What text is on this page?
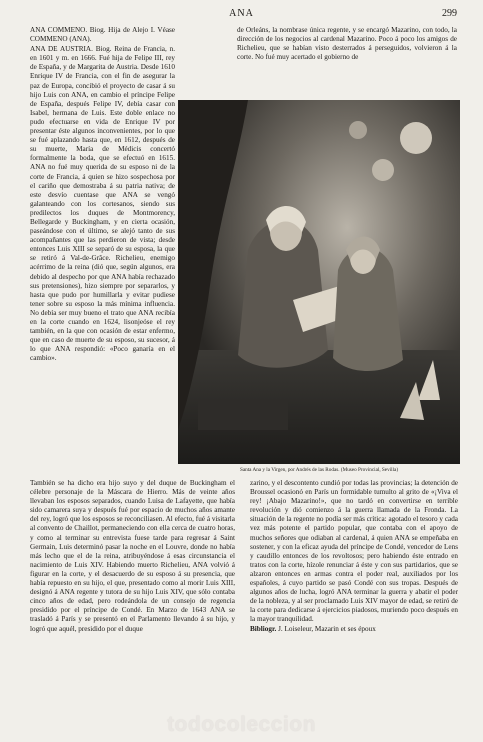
ANA	299

ANA COMMENO. Biog. Hija de Alejo I. Véase COMMENO (ANA).

ANA DE AUSTRIA. Biog. Reina de Francia, n. en 1601 y m. en 1666. Fué hija de Felipe III, rey de España, y de Margarita de Austria. Desde 1610 Enrique IV de Francia, con el fin de asegurar la paz de Europa, concibió el proyecto de casar á su hijo Luis con ANA, en cambio el príncipe Felipe de España, después Felipe IV, debía casar con Isabel, hermana de Luis. Este doble enlace no pudo efectuarse en vida de Enrique IV por presentar éste algunos inconvenientes, por lo que se fué aplazando hasta que, en 1612, después de su muerte, María de Médicis concertó formalmente la boda, que se efectuó en 1615. ANA no fué muy querida de su esposo ni de la corte de Francia, á quien se hizo sospechosa por el cariño que demostraba á su patria nativa; de este desvío cuentase que ANA se vengó galanteando con los cortesanos, siendo sus predilectos los duques de Montmorency, Bellegarde y Buckingham, y en cierta ocasión, paseándose con el último, se alejó tanto de sus acompañantes que las perdieron de vista; desde entonces Luis XIII se separó de su esposa, la que se retiró á Val-de-Grâce. Richelieu, enemigo acérrimo de la reina (dió que, según algunos, era debido al despecho por que ANA había rechazado sus pretensiones), hizo siempre por separarlos, y hasta que pudo por humillarla y evitar pudiese tener sobre su esposo la más mínima influencia. No debía ser muy bueno el trato que ANA recibía en la corte cuando en 1624, lisonjeóse el rey también, en la que con ocasión de estar enfermo, que en caso de muerte de su esposo, su sucesor, á lo que ANA respondió: «Poco ganaría en el cambio».

de Orleáns, la nombrase única regente, y se encargó Mazarino, con todo, la dirección de los negocios al cardenal Mazarino. Poco á poco los amigos de Richelieu, que se habían visto desterrados á perseguidos, volvieron á la corte. No fué muy acertado el gobierno de

Santa Ana y la Virgen, por Andrés de las Rodas. (Museo Provincial, Sevilla)

También se ha dicho era hijo suyo y del duque de Buckingham el célebre personaje de la Máscara de Hierro. Más de veinte años llevaban los esposos separados, cuando Luisa de Lafayette, que había sido camarera suya y después fué por espacio de muchos años amante del rey, logró que los esposos se reconciliasen. Al efecto, fué á visitarla al convento de Chaillot, permaneciendo con ella cerca de cuatro horas, y como al terminar su entrevista fuese tarde para regresar á Saint Germain, Luis determinó pasar la noche en el Louvre, donde no había más lecho que el de la reina, atribuyéndose á esas circunstancia el nacimiento de Luis XIV. Habiendo muerto Richelieu, ANA volvió á figurar en la corte, y el desacuerdo de su esposo á su presencia, que había repuesto en su hijo, el que, presentado como al morir Luis XIII, designó á ANA regente y tutora de su hijo Luis XIV, que sólo contaba cinco años de edad, pero rodeándola de un consejo de regencia presidido por el príncipe de Condé. En Marzo de 1643 ANA se trasladó á París y se presentó en el Parlamento llevando á su hijo, y logró que aquél, presidido por el duque

zarino, y el descontento cundió por todas las provincias; la detención de Broussel ocasionó en París un formidable tumulto al grito de «¡Viva el rey! ¡Abajo Mazarino!», que no tardó en convertirse en terrible revolución y dió comienzo á la guerra llamada de la Fronda. La situación de la regente no podía ser más crítica: agotado el tesoro y cada vez más potente el partido popular, que contaba con el apoyo de muchos señores que odiaban al cardenal, á quien ANA se empeñaba en sostener, y con la eficaz ayuda del príncipe de Condé, vencedor de Lens y caudillo entonces de los revoltosos; pero habiendo éste entrado en tratos con la corte, hízole renunciar á éste y con sus partidarios, que se alzaron entonces en armas contra el poder real, auxiliados por los españoles, á cuyo partido se pasó Condé con sus tropas. Después de algunos años de lucha, logró ANA terminar la guerra y abatir el poder de la nobleza, y al ser proclamado Luis XIV mayor de edad, se retiró de la corte para dedicarse á ejercicios piadosos, muriendo poco después en la mayor tranquilidad.

Bibliogr. J. Loiseleur, Mazarin et ses époux

todocoleccion
